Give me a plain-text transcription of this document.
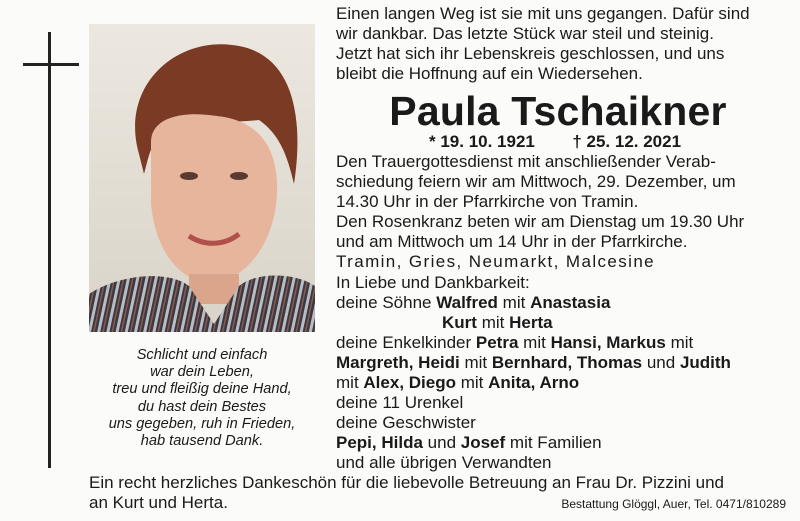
Schlicht und einfach
war dein Leben,
treu und fleißig deine Hand,
du hast dein Bestes
uns gegeben, ruh in Frieden,
hab tausend Dank.
Einen langen Weg ist sie mit uns gegangen. Dafür sind
wir dankbar. Das letzte Stück war steil und steinig.
Jetzt hat sich ihr Lebenskreis geschlossen, und uns
bleibt die Hoffnung auf ein Wiedersehen.
Paula Tschaikner
* 19. 10. 1921 † 25. 12. 2021
Den Trauergottesdienst mit anschließender Verab-
schiedung feiern wir am Mittwoch, 29. Dezember, um
14.30 Uhr in der Pfarrkirche von Tramin.
Den Rosenkranz beten wir am Dienstag um 19.30 Uhr
und am Mittwoch um 14 Uhr in der Pfarrkirche.
Tramin, Gries, Neumarkt, Malcesine
In Liebe und Dankbarkeit:
deine Söhne Walfred mit Anastasia
Kurt mit Herta
deine Enkelkinder Petra mit Hansi, Markus mit
Margreth, Heidi mit Bernhard, Thomas und Judith
mit Alex, Diego mit Anita, Arno
deine 11 Urenkel
deine Geschwister
Pepi, Hilda und Josef mit Familien
und alle übrigen Verwandten
Ein recht herzliches Dankeschön für die liebevolle Betreuung an Frau Dr. Pizzini und
an Kurt und Herta.	Bestattung Glöggl, Auer, Tel. 0471/810289
